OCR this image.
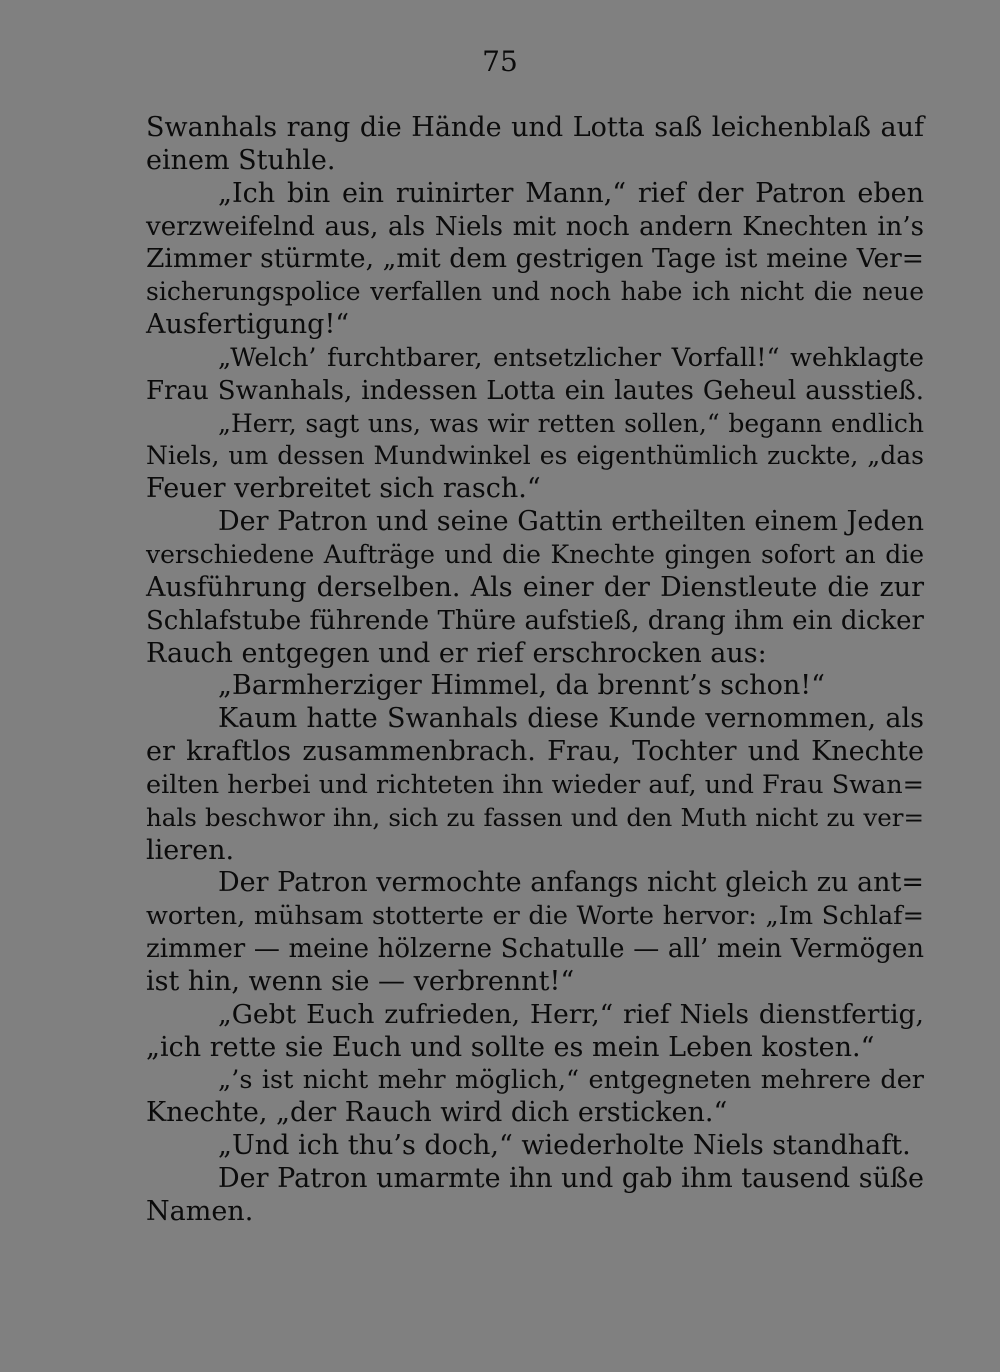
75
Swanhals rang die Hände und Lotta saß leichenblaß auf
einem Stuhle.
„Ich bin ein ruinirter Mann,“ rief der Patron eben
verzweifelnd aus, als Niels mit noch andern Knechten in’s
Zimmer stürmte, „mit dem gestrigen Tage ist meine Ver=
sicherungspolice verfallen und noch habe ich nicht die neue
Ausfertigung!“
„Welch’ furchtbarer, entsetzlicher Vorfall!“ wehklagte
Frau Swanhals, indessen Lotta ein lautes Geheul ausstieß.
„Herr, sagt uns, was wir retten sollen,“ begann endlich
Niels, um dessen Mundwinkel es eigenthümlich zuckte, „das
Feuer verbreitet sich rasch.“
Der Patron und seine Gattin ertheilten einem Jeden
verschiedene Aufträge und die Knechte gingen sofort an die
Ausführung derselben. Als einer der Dienstleute die zur
Schlafstube führende Thüre aufstieß, drang ihm ein dicker
Rauch entgegen und er rief erschrocken aus:
„Barmherziger Himmel, da brennt’s schon!“
Kaum hatte Swanhals diese Kunde vernommen, als
er kraftlos zusammenbrach. Frau, Tochter und Knechte
eilten herbei und richteten ihn wieder auf, und Frau Swan=
hals beschwor ihn, sich zu fassen und den Muth nicht zu ver=
lieren.
Der Patron vermochte anfangs nicht gleich zu ant=
worten, mühsam stotterte er die Worte hervor: „Im Schlaf=
zimmer — meine hölzerne Schatulle — all’ mein Vermögen
ist hin, wenn sie — verbrennt!“
„Gebt Euch zufrieden, Herr,“ rief Niels dienstfertig,
„ich rette sie Euch und sollte es mein Leben kosten.“
„’s ist nicht mehr möglich,“ entgegneten mehrere der
Knechte, „der Rauch wird dich ersticken.“
„Und ich thu’s doch,“ wiederholte Niels standhaft.
Der Patron umarmte ihn und gab ihm tausend süße
Namen.
